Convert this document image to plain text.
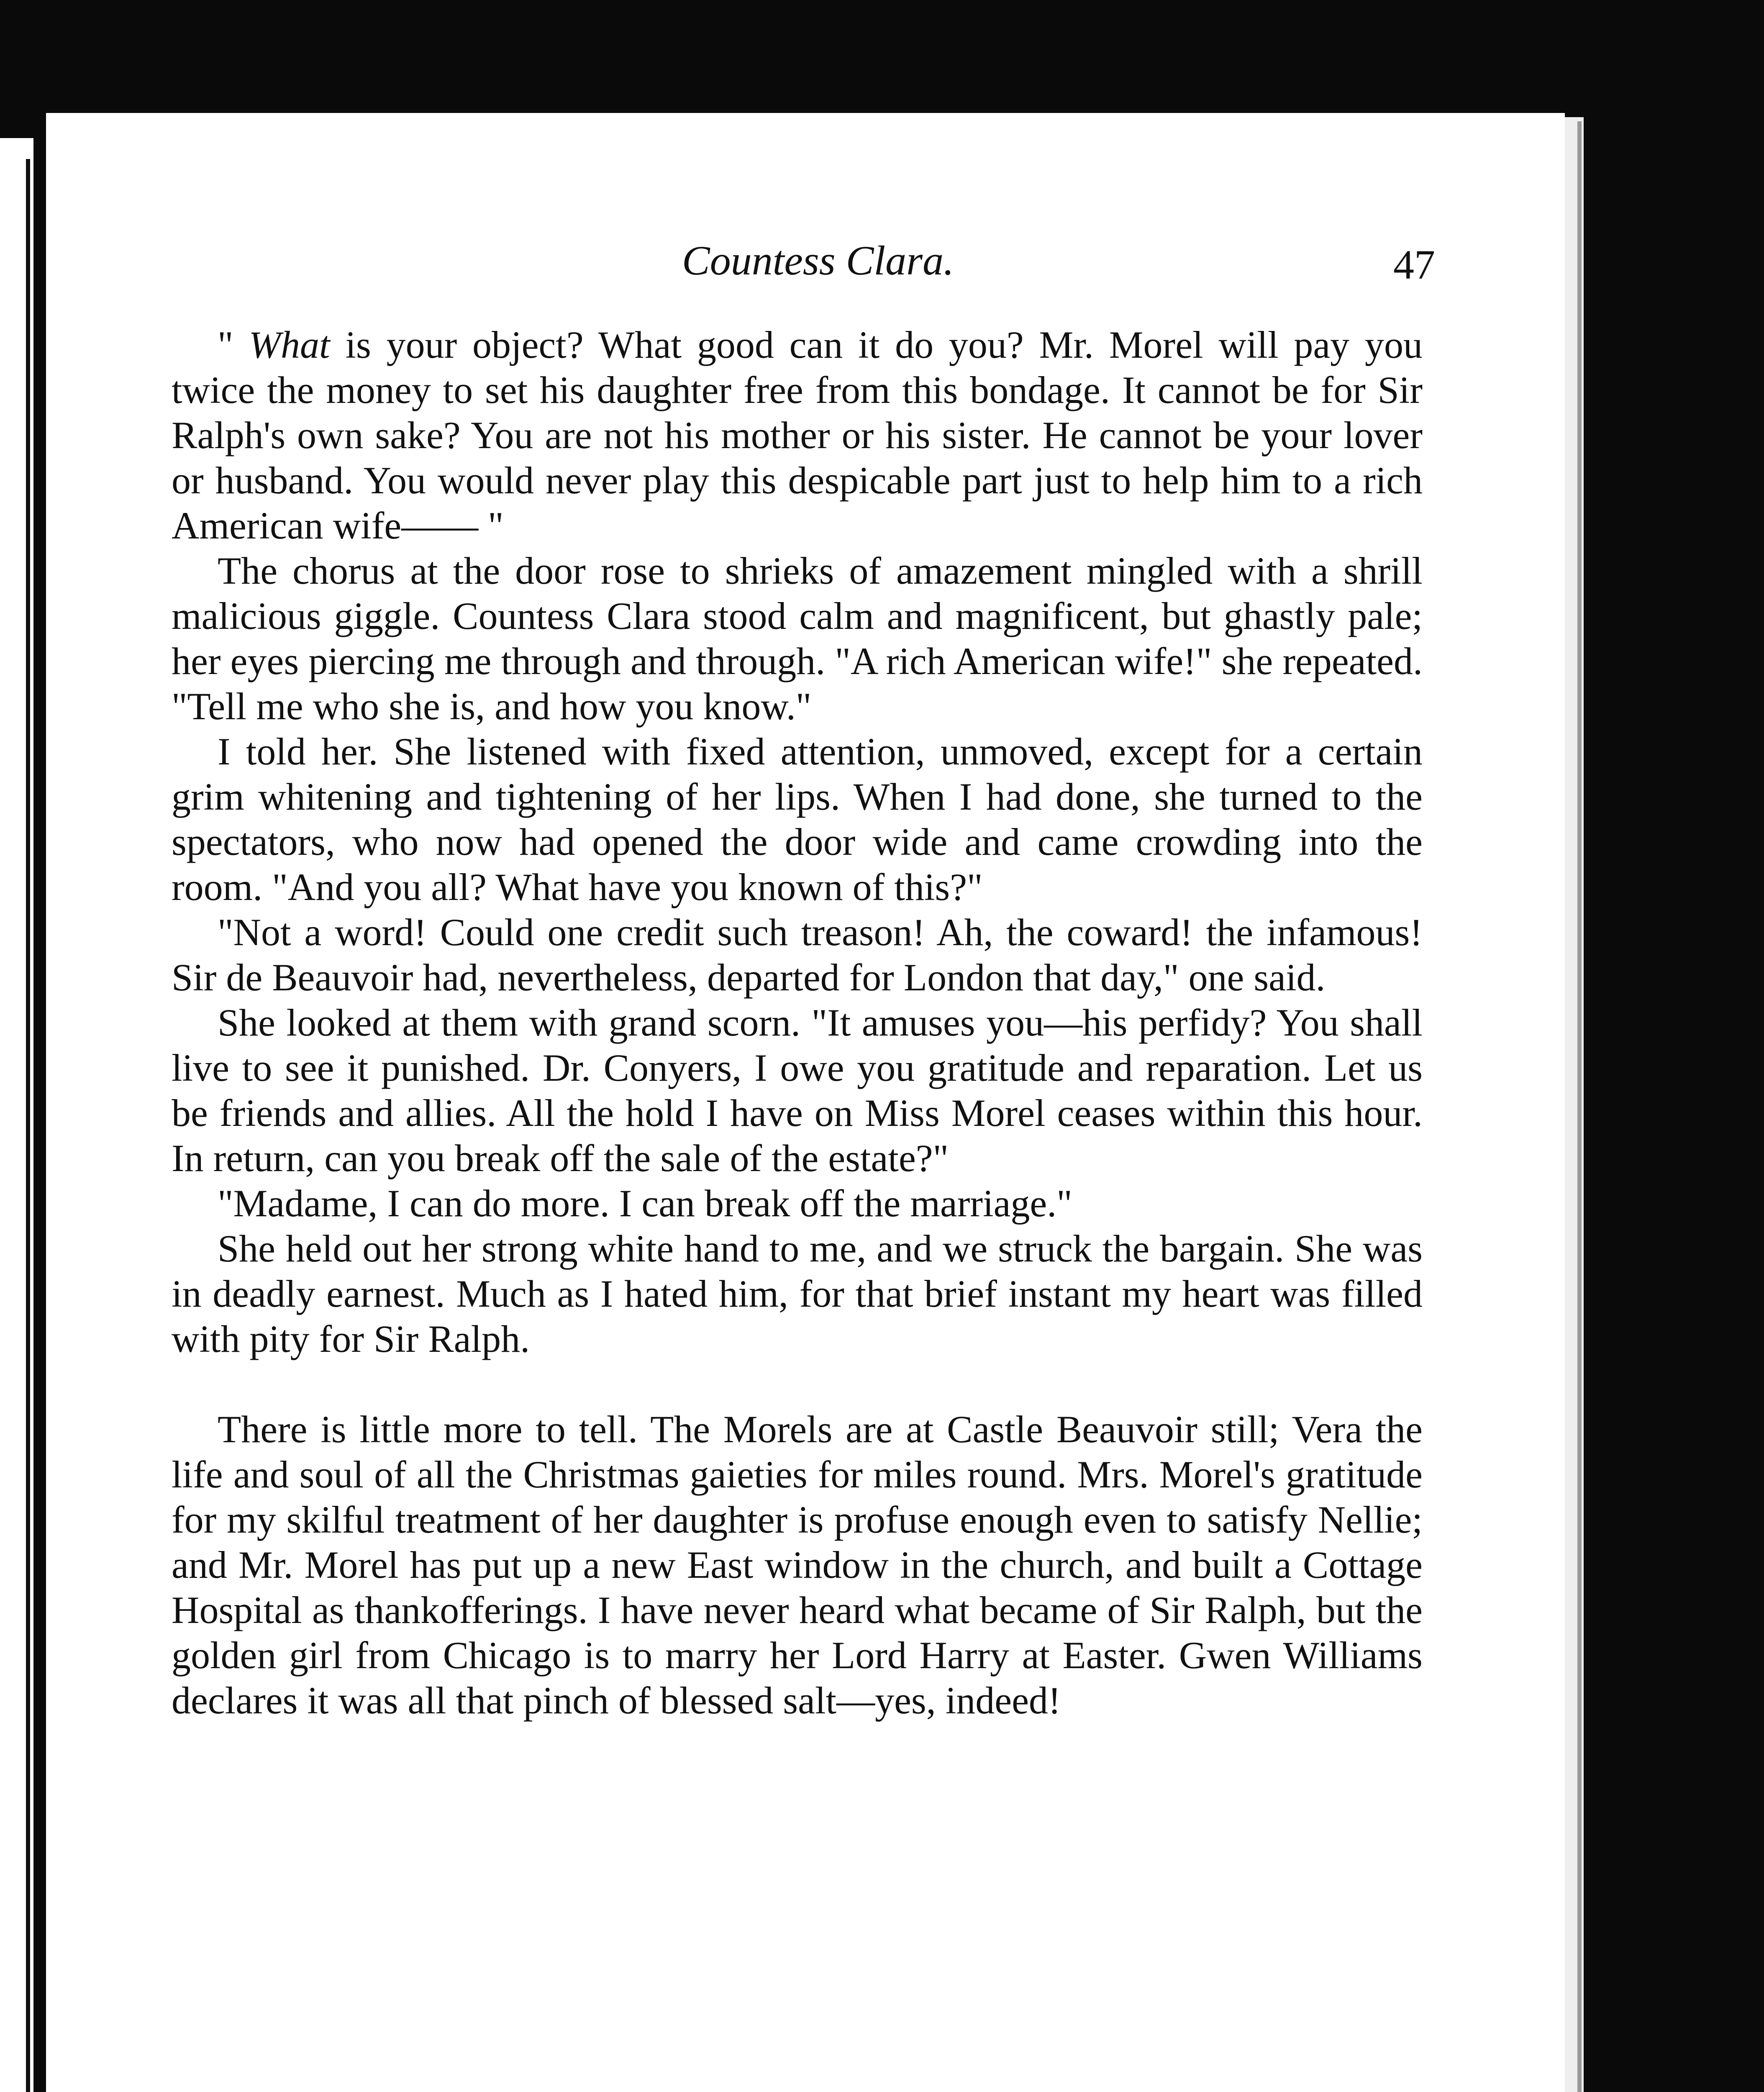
Countess Clara.	47

" What is your object? What good can it do you? Mr. Morel will pay you twice the money to set his daughter free from this bondage. It cannot be for Sir Ralph's own sake? You are not his mother or his sister. He cannot be your lover or husband. You would never play this despicable part just to help him to a rich American wife—— "

The chorus at the door rose to shrieks of amazement mingled with a shrill malicious giggle. Countess Clara stood calm and magnificent, but ghastly pale; her eyes piercing me through and through. "A rich American wife!" she repeated. "Tell me who she is, and how you know."

I told her. She listened with fixed attention, unmoved, except for a certain grim whitening and tightening of her lips. When I had done, she turned to the spectators, who now had opened the door wide and came crowding into the room. "And you all? What have you known of this?"

"Not a word! Could one credit such treason! Ah, the coward! the infamous! Sir de Beauvoir had, nevertheless, departed for London that day," one said.

She looked at them with grand scorn. "It amuses you—his perfidy? You shall live to see it punished. Dr. Conyers, I owe you gratitude and reparation. Let us be friends and allies. All the hold I have on Miss Morel ceases within this hour. In return, can you break off the sale of the estate?"

"Madame, I can do more. I can break off the marriage."

She held out her strong white hand to me, and we struck the bargain. She was in deadly earnest. Much as I hated him, for that brief instant my heart was filled with pity for Sir Ralph.

There is little more to tell. The Morels are at Castle Beauvoir still; Vera the life and soul of all the Christmas gaieties for miles round. Mrs. Morel's gratitude for my skilful treatment of her daughter is profuse enough even to satisfy Nellie; and Mr. Morel has put up a new East window in the church, and built a Cottage Hospital as thankofferings. I have never heard what became of Sir Ralph, but the golden girl from Chicago is to marry her Lord Harry at Easter. Gwen Williams declares it was all that pinch of blessed salt—yes, indeed!
